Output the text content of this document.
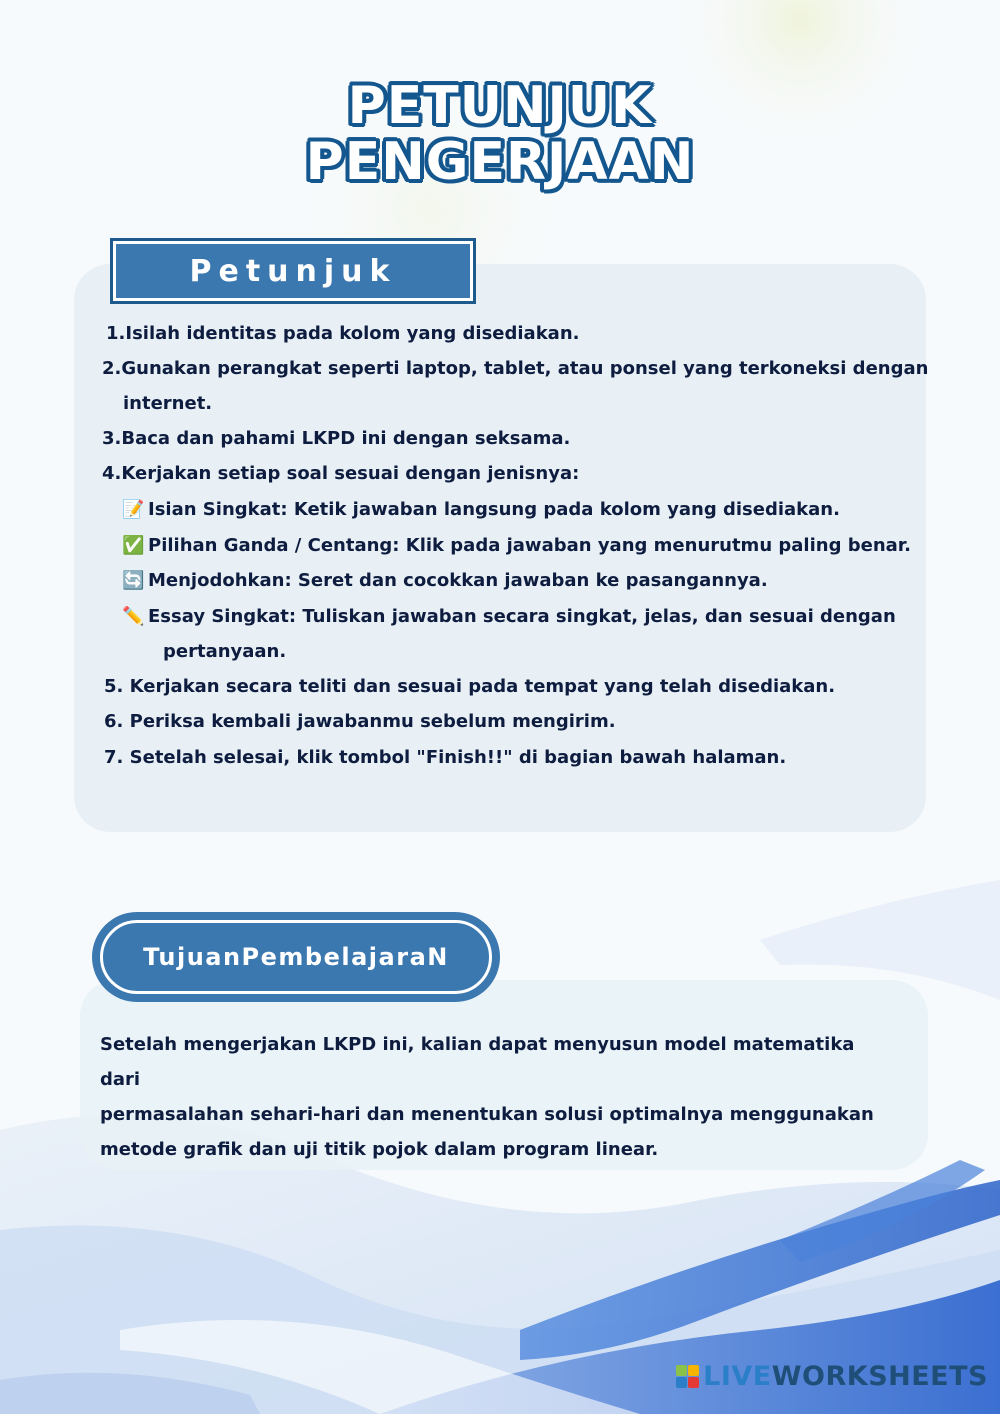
PETUNJUK
PENGERJAAN
Petunjuk
1.Isilah identitas pada kolom yang disediakan.
2.Gunakan perangkat seperti laptop, tablet, atau ponsel yang terkoneksi dengan
internet.
3.Baca dan pahami LKPD ini dengan seksama.
4.Kerjakan setiap soal sesuai dengan jenisnya:
📝 Isian Singkat: Ketik jawaban langsung pada kolom yang disediakan.
✅ Pilihan Ganda / Centang: Klik pada jawaban yang menurutmu paling benar.
🔄 Menjodohkan: Seret dan cocokkan jawaban ke pasangannya.
✏️ Essay Singkat: Tuliskan jawaban secara singkat, jelas, dan sesuai dengan
pertanyaan.
5. Kerjakan secara teliti dan sesuai pada tempat yang telah disediakan.
6. Periksa kembali jawabanmu sebelum mengirim.
7. Setelah selesai, klik tombol "Finish!!" di bagian bawah halaman.
TujuanPembelajaraN
Setelah mengerjakan LKPD ini, kalian dapat menyusun model matematika dari
permasalahan sehari-hari dan menentukan solusi optimalnya menggunakan
metode grafik dan uji titik pojok dalam program linear.
LIVE WORKSHEETS
